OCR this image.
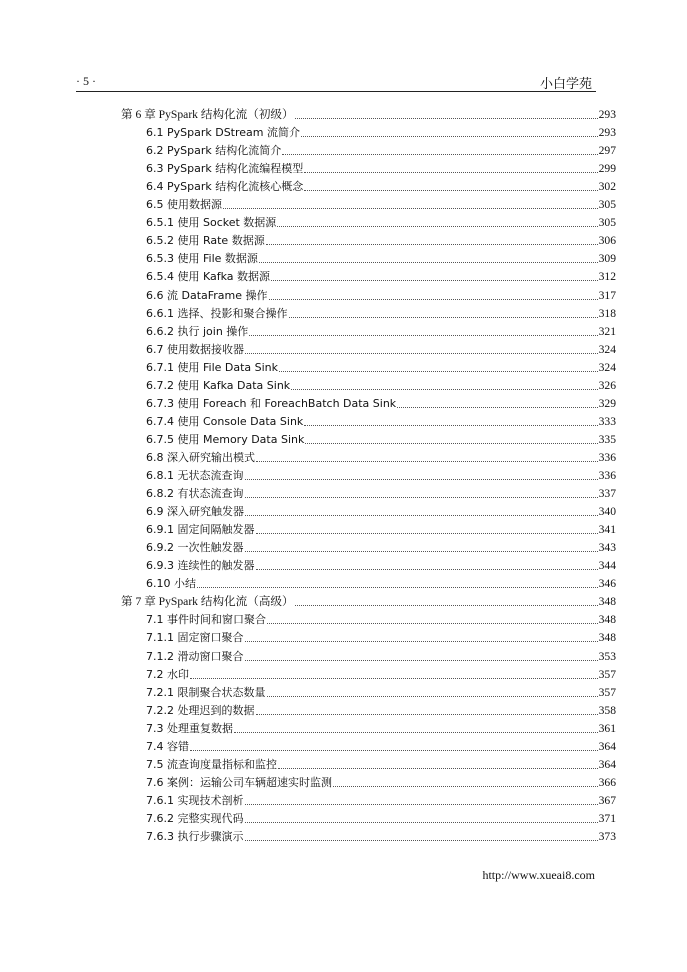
· 5 ·	小白学苑
第 6 章 PySpark 结构化流（初级）	293
6.1 PySpark DStream 流简介	293
6.2 PySpark 结构化流简介	297
6.3 PySpark 结构化流编程模型	299
6.4 PySpark 结构化流核心概念	302
6.5 使用数据源	305
6.5.1 使用 Socket 数据源	305
6.5.2 使用 Rate 数据源	306
6.5.3 使用 File 数据源	309
6.5.4 使用 Kafka 数据源	312
6.6 流 DataFrame 操作	317
6.6.1 选择、投影和聚合操作	318
6.6.2 执行 join 操作	321
6.7 使用数据接收器	324
6.7.1 使用 File Data Sink	324
6.7.2 使用 Kafka Data Sink	326
6.7.3 使用 Foreach 和 ForeachBatch Data Sink	329
6.7.4 使用 Console Data Sink	333
6.7.5 使用 Memory Data Sink	335
6.8 深入研究输出模式	336
6.8.1 无状态流查询	336
6.8.2 有状态流查询	337
6.9 深入研究触发器	340
6.9.1 固定间隔触发器	341
6.9.2 一次性触发器	343
6.9.3 连续性的触发器	344
6.10 小结	346
第 7 章 PySpark 结构化流（高级）	348
7.1 事件时间和窗口聚合	348
7.1.1 固定窗口聚合	348
7.1.2 滑动窗口聚合	353
7.2 水印	357
7.2.1 限制聚合状态数量	357
7.2.2 处理迟到的数据	358
7.3 处理重复数据	361
7.4 容错	364
7.5 流查询度量指标和监控	364
7.6 案例：运输公司车辆超速实时监测	366
7.6.1 实现技术剖析	367
7.6.2 完整实现代码	371
7.6.3 执行步骤演示	373
http://www.xueai8.com
